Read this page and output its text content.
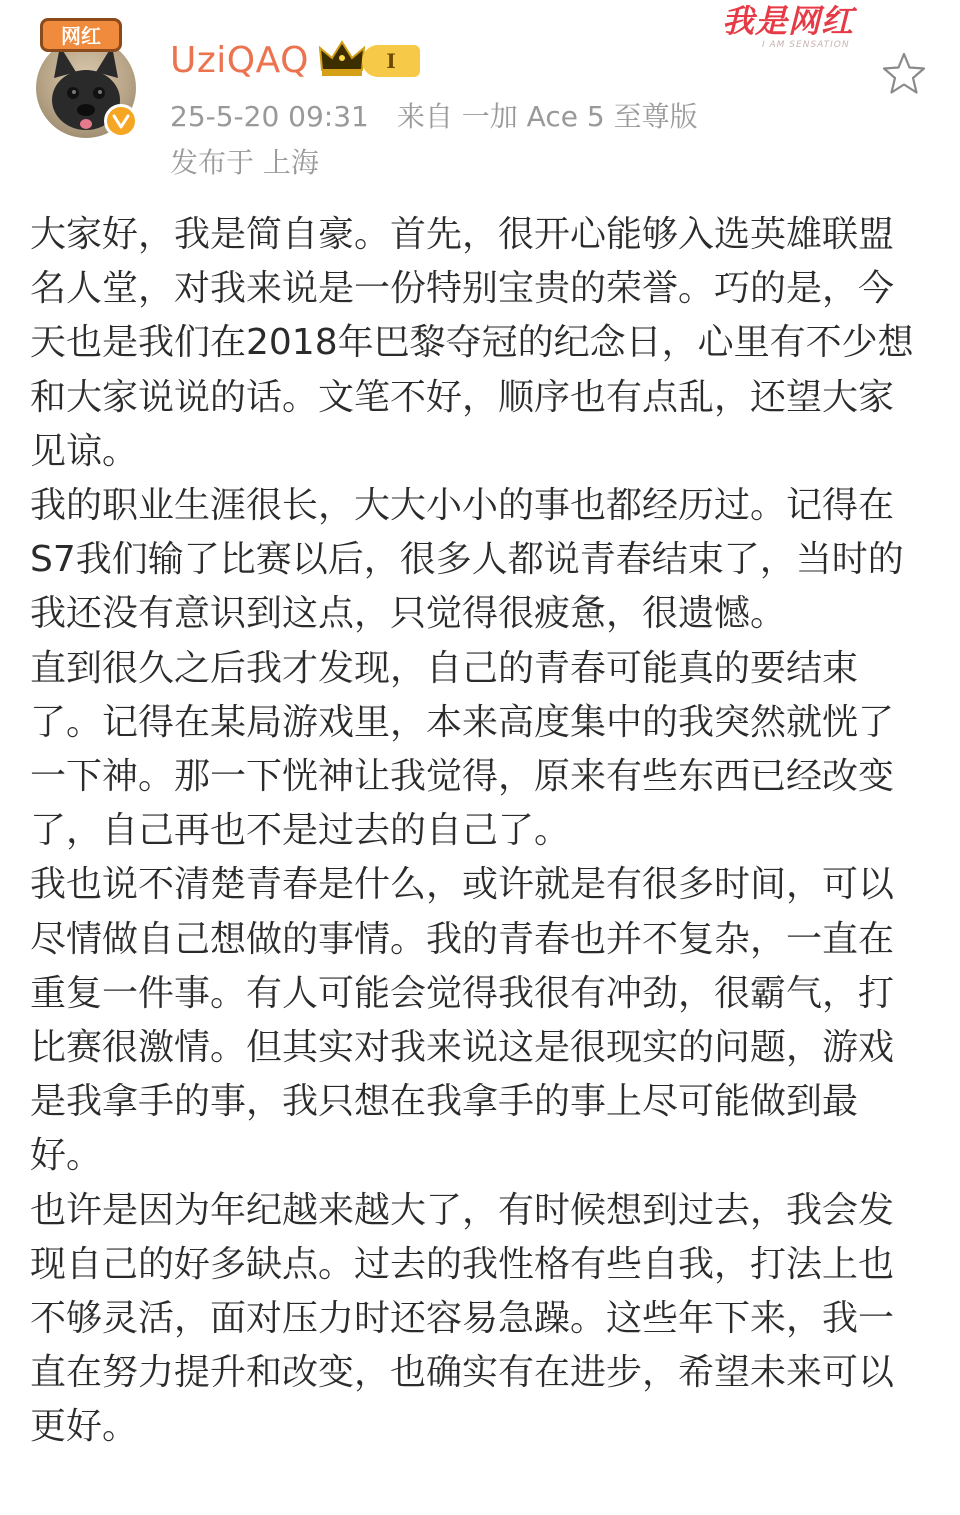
网红
UziQAQ	I
25-5-20 09:31　来自 一加 Ace 5 至尊版
发布于 上海
我是网红
I AM SENSATION

大家好，我是简自豪。首先，很开心能够入选英雄联盟名人堂，对我来说是一份特别宝贵的荣誉。巧的是，今天也是我们在2018年巴黎夺冠的纪念日，心里有不少想和大家说说的话。文笔不好，顺序也有点乱，还望大家见谅。

我的职业生涯很长，大大小小的事也都经历过。记得在S7我们输了比赛以后，很多人都说青春结束了，当时的我还没有意识到这点，只觉得很疲惫，很遗憾。

直到很久之后我才发现，自己的青春可能真的要结束了。记得在某局游戏里，本来高度集中的我突然就恍了一下神。那一下恍神让我觉得，原来有些东西已经改变了，自己再也不是过去的自己了。

我也说不清楚青春是什么，或许就是有很多时间，可以尽情做自己想做的事情。我的青春也并不复杂，一直在重复一件事。有人可能会觉得我很有冲劲，很霸气，打比赛很激情。但其实对我来说这是很现实的问题，游戏是我拿手的事，我只想在我拿手的事上尽可能做到最好。

也许是因为年纪越来越大了，有时候想到过去，我会发现自己的好多缺点。过去的我性格有些自我，打法上也不够灵活，面对压力时还容易急躁。这些年下来，我一直在努力提升和改变，也确实有在进步，希望未来可以更好。
